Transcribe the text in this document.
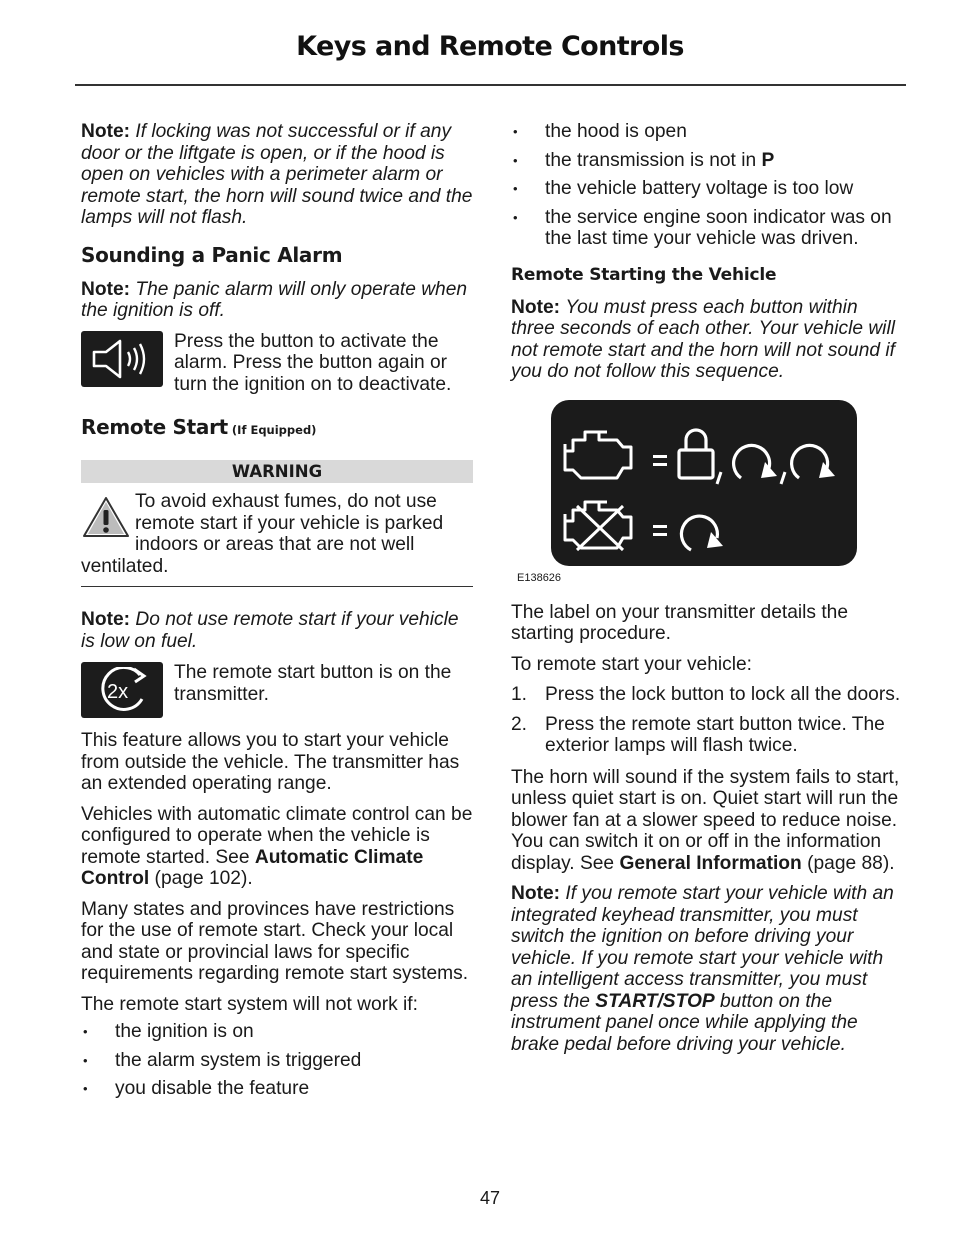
Keys and Remote Controls

Note: If locking was not successful or if any door or the liftgate is open, or if the hood is open on vehicles with a perimeter alarm or remote start, the horn will sound twice and the lamps will not flash.

Sounding a Panic Alarm

Note: The panic alarm will only operate when the ignition is off.

Press the button to activate the alarm. Press the button again or turn the ignition on to deactivate.
Remote Start (If Equipped)
WARNING
To avoid exhaust fumes, do not use remote start if your vehicle is parked indoors or areas that are not well ventilated.

Note: Do not use remote start if your vehicle is low on fuel.

2x
The remote start button is on the transmitter.

This feature allows you to start your vehicle from outside the vehicle. The transmitter has an extended operating range.

Vehicles with automatic climate control can be configured to operate when the vehicle is remote started. See Automatic Climate Control (page 102).

Many states and provinces have restrictions for the use of remote start. Check your local and state or provincial laws for specific requirements regarding remote start systems.

The remote start system will not work if:

• the ignition is on
• the alarm system is triggered
• you disable the feature
• the hood is open
• the transmission is not in P
• the vehicle battery voltage is too low
• the service engine soon indicator was on the last time your vehicle was driven.
Remote Starting the Vehicle

Note: You must press each button within three seconds of each other. Your vehicle will not remote start and the horn will not sound if you do not follow this sequence.

E138626

The label on your transmitter details the starting procedure.

To remote start your vehicle:

1. Press the lock button to lock all the doors.
2. Press the remote start button twice. The exterior lamps will flash twice.

The horn will sound if the system fails to start, unless quiet start is on. Quiet start will run the blower fan at a slower speed to reduce noise. You can switch it on or off in the information display. See General Information (page 88).

Note: If you remote start your vehicle with an integrated keyhead transmitter, you must switch the ignition on before driving your vehicle. If you remote start your vehicle with an intelligent access transmitter, you must press the START/STOP button on the instrument panel once while applying the brake pedal before driving your vehicle.

47
